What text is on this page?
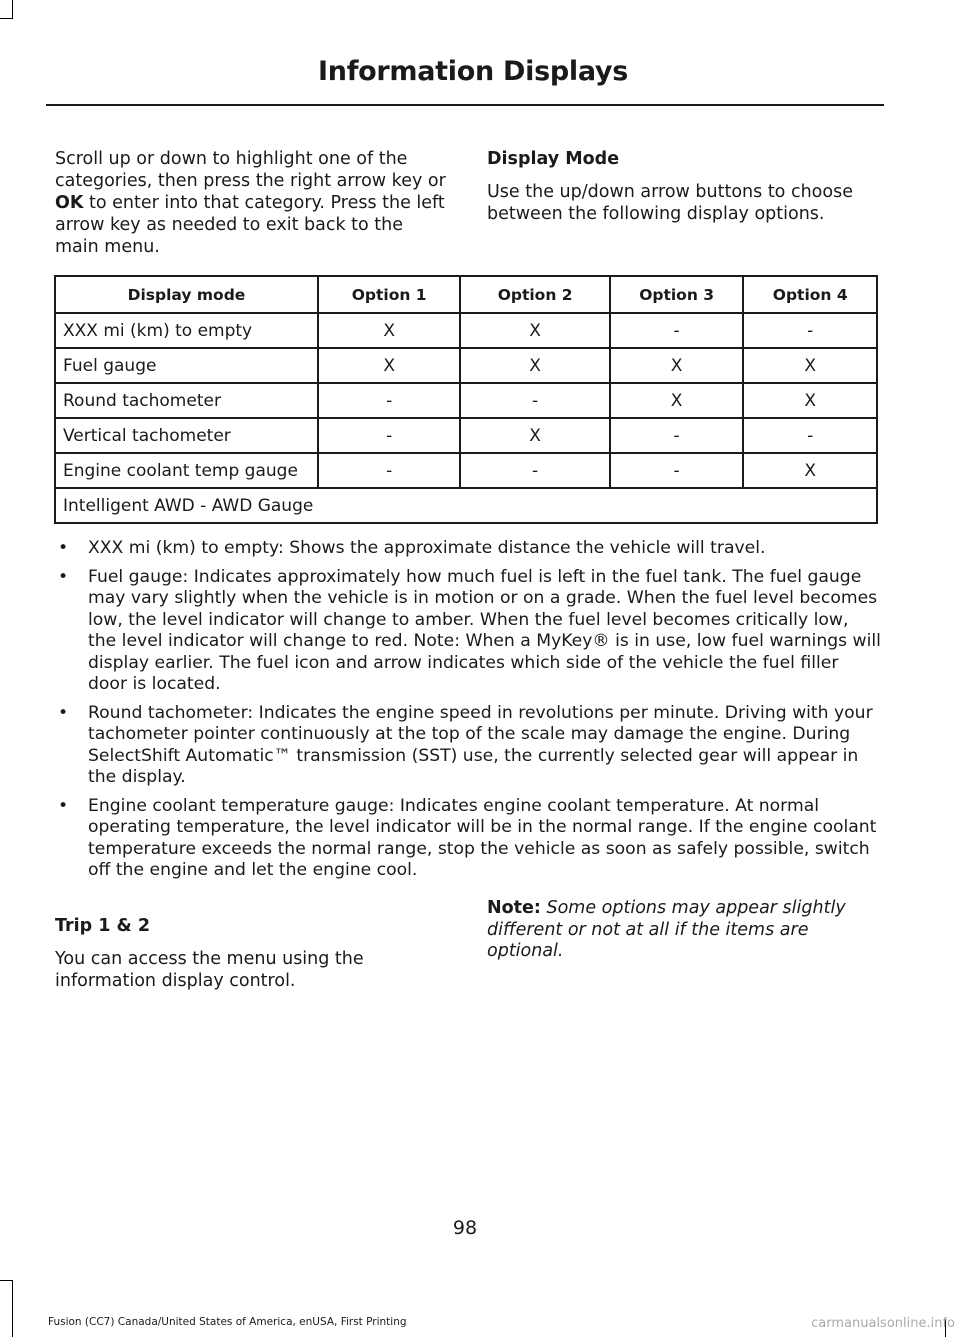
Information Displays

Scroll up or down to highlight one of the categories, then press the right arrow key or OK to enter into that category. Press the left arrow key as needed to exit back to the main menu.

Display Mode

Use the up/down arrow buttons to choose between the following display options.

Display mode	Option 1	Option 2	Option 3	Option 4
XXX mi (km) to empty	X	X	-	-
Fuel gauge	X	X	X	X
Round tachometer	-	-	X	X
Vertical tachometer	-	X	-	-
Engine coolant temp gauge	-	-	-	X
Intelligent AWD - AWD Gauge				
• XXX mi (km) to empty: Shows the approximate distance the vehicle will travel.
• Fuel gauge: Indicates approximately how much fuel is left in the fuel tank. The fuel gauge may vary slightly when the vehicle is in motion or on a grade. When the fuel level becomes low, the level indicator will change to amber. When the fuel level becomes critically low, the level indicator will change to red. Note: When a MyKey® is in use, low fuel warnings will display earlier. The fuel icon and arrow indicates which side of the vehicle the fuel filler door is located.
• Round tachometer: Indicates the engine speed in revolutions per minute. Driving with your tachometer pointer continuously at the top of the scale may damage the engine. During SelectShift Automatic™ transmission (SST) use, the currently selected gear will appear in the display.
• Engine coolant temperature gauge: Indicates engine coolant temperature. At normal operating temperature, the level indicator will be in the normal range. If the engine coolant temperature exceeds the normal range, stop the vehicle as soon as safely possible, switch off the engine and let the engine cool.
Trip 1 & 2

You can access the menu using the information display control.

Note: Some options may appear slightly different or not at all if the items are optional.
98
Fusion (CC7) Canada/United States of America, enUSA, First Printing	carmanualsonline.info
